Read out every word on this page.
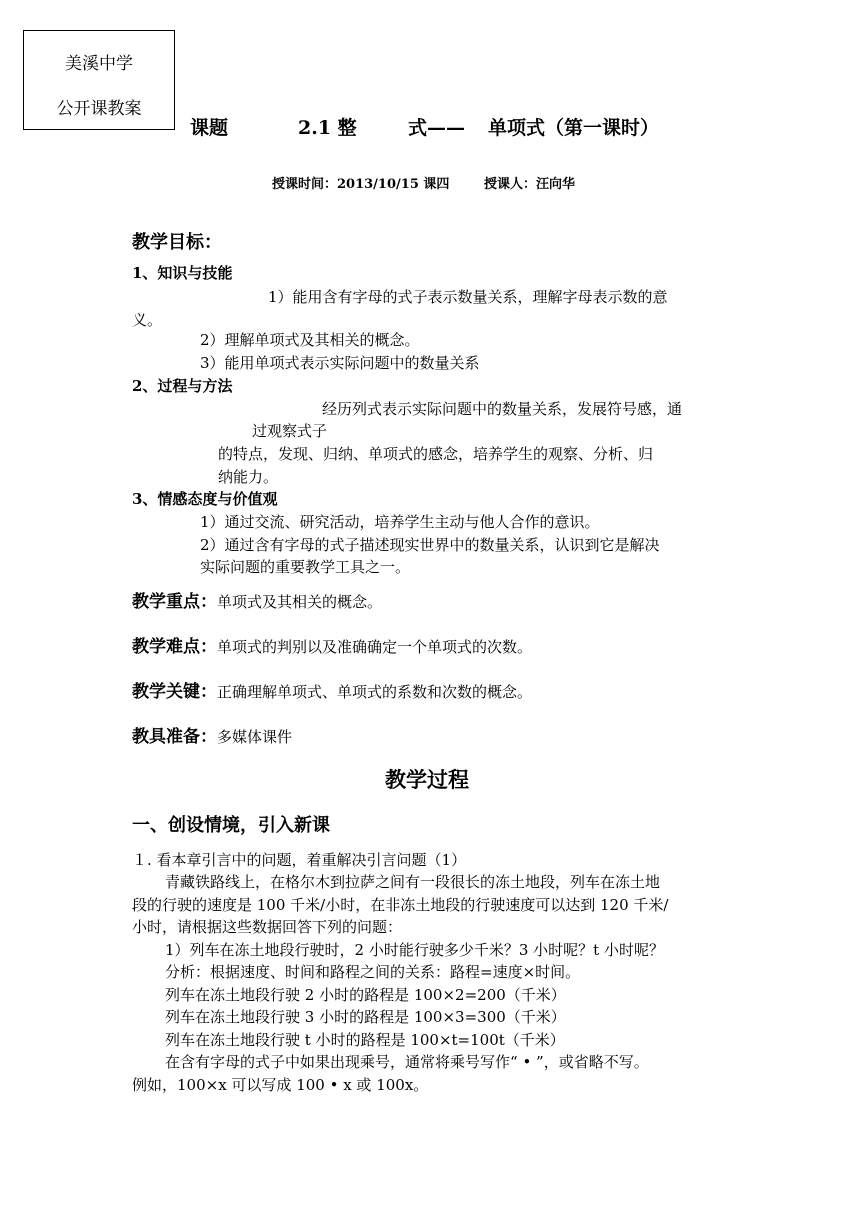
美溪中学
公开课教案
课题	2.1 整	式—— 单项式（第一课时）
授课时间：2013/10/15 课四	授课人：汪向华
教学目标：
1、知识与技能
1）能用含有字母的式子表示数量关系，理解字母表示数的意
义。
2）理解单项式及其相关的概念。
3）能用单项式表示实际问题中的数量关系
2、过程与方法
经历列式表示实际问题中的数量关系，发展符号感，通
过观察式子
的特点，发现、归纳、单项式的感念，培养学生的观察、分析、归
纳能力。
3、情感态度与价值观
1）通过交流、研究活动，培养学生主动与他人合作的意识。
2）通过含有字母的式子描述现实世界中的数量关系，认识到它是解决
实际问题的重要教学工具之一。
教学重点：单项式及其相关的概念。
教学难点：单项式的判别以及准确确定一个单项式的次数。
教学关键：正确理解单项式、单项式的系数和次数的概念。
教具准备：多媒体课件
教学过程
一、创设情境，引入新课
１. 看本章引言中的问题，着重解决引言问题（1）
青藏铁路线上，在格尔木到拉萨之间有一段很长的冻土地段，列车在冻土地
段的行驶的速度是 100 千米/小时，在非冻土地段的行驶速度可以达到 120 千米/
小时，请根据这些数据回答下列的问题：
1）列车在冻土地段行驶时，2 小时能行驶多少千米？3 小时呢？t 小时呢？
分析：根据速度、时间和路程之间的关系：路程=速度×时间。
列车在冻土地段行驶 2 小时的路程是 100×2=200（千米）
列车在冻土地段行驶 3 小时的路程是 100×3=300（千米）
列车在冻土地段行驶 t 小时的路程是 100×t=100t（千米）
在含有字母的式子中如果出现乘号，通常将乘号写作“ • ”，或省略不写。
例如，100×x 可以写成 100 • x 或 100x。
